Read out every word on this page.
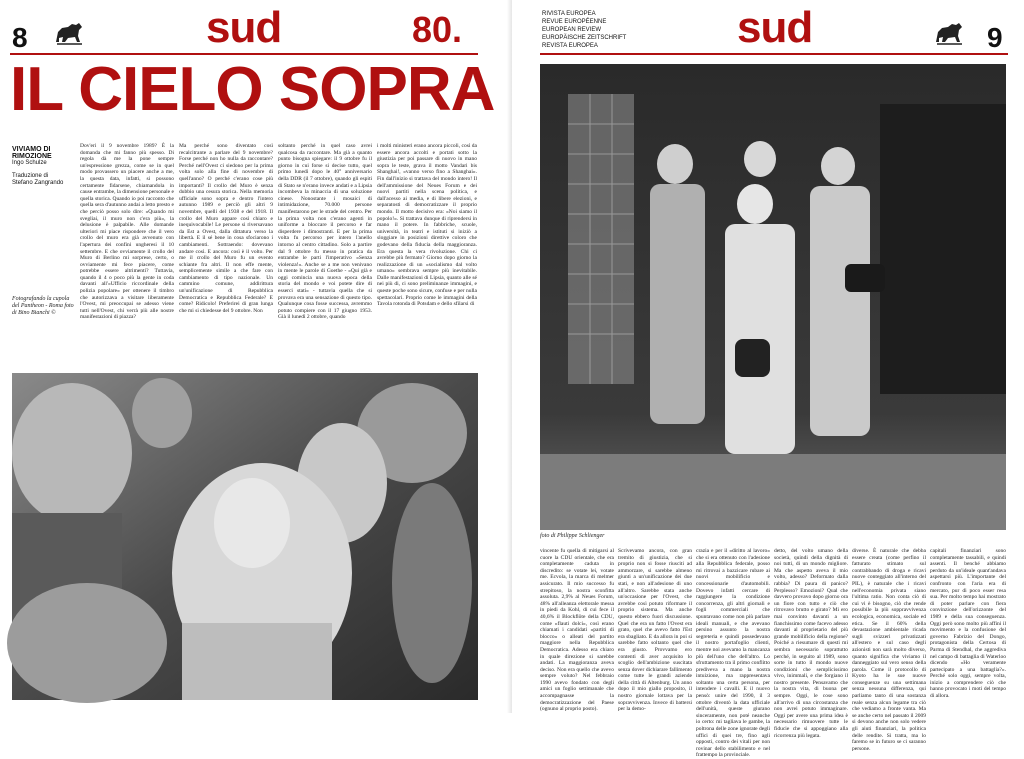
8	sud	80.
IL CIELO SOPRA
VIVIAMO DI RIMOZIONE
Ingo Schulze
Traduzione di
Stefano Zangrando
Fotografando la cupola del Pantheon - Roma foto di Bino Bianchi ©
Dov'eri il 9 novembre 1989? È la domanda che mi fanno più spesso. Di regola dà me la pone sempre un'espressione grezza, come se in quel modo provassero un piacere anche a me, la questa data, infatti, si possono certamente fidarsene, chiamandola in cause entrambe, la dimensione personale e quella storica. Quando io poi racconto che quella sera d'autunno andai a letto presto e che perciò posso solo dire: «Quando mi svegliai, il muro non c'era più», la delusione è palpabile. Alle domande ulteriori mi piace rispondere che il vero crollo del muro era già avvenuto con l'apertura dei confini ungheresi il 10 settembre. E che ovviamente il crollo del Muro di Berlino mi sorprese, certo, o ovviamente mi fece piacere, come potrebbe essere altrimenti? Tuttavia, quando il 4 o poco più la gente in coda davanti all'«Ufficio riccordinale della polizia popolare» per ottenere il timbro che autorizzava a visitare liberamente l'Ovest, mi preoccupai se adesso viene tutti nell'Ovest, chi verrà più alle nostre manifestazioni di piazza?
Ma perché sono diventato così recalcitrante a parlare del 9 novembre? Forse perché non ho nulla da raccontare? Perché nell'Ovest ci siedono per la prima volta solo alla fine di novembre di quell'anno? O perché c'erano cose più importanti? Il crollo del Muro è senza dubbio una cesura storica. Nella memoria ufficiale sono sopra e dentro l'intero autunno 1989 e perciò gli altri 9 novembre, quelli del 1938 e del 1918. Il crollo del Muro appare così chiaro e inequivocabile! Le persone si riversavano da Est a Ovest, dalla dittatura verso la libertà. E il sé bene in cosa sfociarono i cambiamenti. Sottraendo: dovevano andare così. E ancora: così è il volto. Per me il crollo del Muro fu un evento schiante fra altri. Il non effe mente, semplicemente simile a che fare con cambiamento di tipo nazionale. Un cammino comune, addirittura un'unificazione di Repubblica Democratica e Repubblica Federale? E come? Ridicolo! Preferirei di gran lunga che mi si chiedesse del 9 ottobre. Non
soltanto perché in quel caso avrei qualcosa da raccontare. Ma già a quanto punto bisogna spiegare: il 9 ottobre fu il giorno in cui forse si decise tutto, quel primo lunedì dopo le 40° anniversario della DDR (il 7 ottobre), quando gli espiti di Stato se n'erano invece andati e a Lipsia incombeva la minaccia di una soluzione cinese. Nonostante i mosaici di intimidazione, 70.000 persone manifestarono per le strade del centro. Per la prima volta non c'erano agenti in uniforme a bloccare il percorso e far disperdere i dimostranti. E per la prima volta fu percorso per intero l'anello intorno al centro cittadino. Solo a partire dal 9 ottobre fu messo in pratica da entrambe le parti l'imperativo «Senza violenza!». Anche se a me non venivano in mente le parole di Goethe - «Qui già e oggi comincia una nuova epoca della storia del mondo e voi potete dire di esserci stati» - tuttavia quella che si provava era una sensazione di questo tipo. Qualunque cosa fosse successa, avremmo potuto compiere con il 17 giugno 1953. Già il lunedì 2 ottobre, quando
i molti ministeri erano ancora piccoli, così da essere ancora accolti e portati sotto la giustizia per poi passare di nuovo in mano sopra le teste, grava il motto Vandari bis Shanghai!, «vanno verso fino a Shanghai». Fin dall'inizio si trattava del mondo intero! Il dell'ammissione del Neues Forum e dei nuovi partiti nella scena politica, e dall'acesso ai media, e di libere elezioni, e separatosti di democratizzare il proprio mondo. Il motto decisivo era: «Noi siamo il popolo!». Si trattava dunque di riprendersi in mano il potere. In fabbriche, scuole, università, in teatri e istituti si iniziò a sloggiare in posizioni direttive coloro che godevano della fiducia della maggioranza. Era questa la vera rivoluzione. Chi ci avrebbe più fermato? Giorno dopo giorno la realizzazione di un «socialismo dal volto umano» sembrava sempre più inevitabile. Dalle manifestazioni di Lipsia, quanto alle sé nei più di, ci sono preliminanze immagini, e queste poche sono sicure, confuse e per nulla spettacolari. Proprio come le immagini della Tavola rotonda di Potsdam e dello sfilarsi di
RIVISTA EUROPEA
REVUE EUROPÉENNE
EUROPEAN REVIEW
EUROPÄISCHE ZEITSCHRIFT
REVISTA EUROPEA	sud	9
foto di Philippe Schlienger
vincente fu quella di mitigarsi al cuore la CDU orientale, che era completamente caduta in discredito: se votate lei, votate me. Ecvola, la marca di melmer assicurato. Il mio successo fu strepitoso, la nostra sconfitta assoluta. 2,9% al Neues Forum, 48% all'alleanza elettorale messa in piedi da Kohl, di cui fece il 40,6% il Blockflöte della CDU, come «flauti dolci», così erano chiamati i candidati «partiti di blocco» o alleati del partito maggiore nella Repubblica Democratica. Adesso era chiaro in quale direzione si sarebbe andati. La maggioranza aveva deciso. Non era quello che avevo sempre voluto? Nel febbraio 1990 avevo fondato con degli amici un foglio settimanale che accompagnasse la democratizzazione del Paese (ognuno al proprio posto).
Scrivevamo ancora, con gran tremito di giustizia, che si proprio non si fosse riusciti ad ammorzare, si sarebbe almeno giunti a un'unificazione dei due stati, e non all'adesione di uno all'altro. Sarebbe stata anche un'occasione per l'Ovest, che avrebbe così potuto riformare il proprio sistema. Ma anche questo ebbero fuori discussione. Quel che era un fatto l'Ovest era grato, quel che avevo fatto l'Est era sbagliato. E da allora in poi si sarebbe fatto soltanto quel che era giusto. Provvamo ero contenti di aver acquisito lo scoglio dell'ambizione suscitata senza dover dichiarare fallimento come tutte le grandi aziende della città di Altenburg. Un anno dopo il mio giallo proposito, il nostro giornale lottava per la sopravvivenza. Invece di battersi per la demo-
crazia e per il «diritto al lavoro» che si era ottenuto con l'adesione alla Repubblica federale, posso mi ritrovai a bazzicare rubare ai nuovi mobilificio e concessionarie d'automobili. Dovevo infatti cercare di raggiungere la condizione concorrenza, gli altri giornali e fogli commerciali che spuntavano come non più parlare ideali manuali, e che avevano persino assunto la nostra segreteria e quindi possedevano il nostro portafoglio clienti, mentre noi avevamo la mancanza più dell'uno che dell'altro. Lo sfruttamento tra il primo conflitto prediveva a mano la nostra intuizione, ma rappresentava soltanto una certa persona, per intendere i cavalli. E il nuovo pensò: unire del 1990, il 3 ottobre diventò la data ufficiale dell'unità, queste giurano sinceramente, non poté neanche io certo: mi tagliava le gambe, la poltrona delle zone ignorate degli uffici di quei tre, fino agli opposti, contro dei vitali per non rovinar dello stabilimento e nel frattempo la provinciale.
detto, del volto umano della società, quindi della dignità di noi tutti, di un mondo migliore. Ma che aspetto aveva il mio volto, adesso? Deformato dalla rabbia? Di paura di panico? Perplesso? Emozioni? Qual che davvero provavo dopo giorno ora un fiore con tutto e ciò che ritrovavo brutto e girato? Mi ero mai convinto davanti a un fianchissimo come facevo adesso davanti al proprietario del più grande mobilificio della regione? Poiché a riesumare di questi mi sembra necessario soprattutto perché, in seguito al 1989, sono sorte in tutto il mondo nuove condizioni che semplicissimo vivo, inimmali, e che forgiano il nostro presente. Pensavamo che la nostra vita, di buona per sempre. Oggi, le cose sono all'arrivo di una circostanza che non avrei potuto immaginare. Oggi per avere una prima idea è necessario rimuovere tutte le fiducie che si appoggiano alla ricorrenza più legata.
diverse. È naturale che debba essere creata (come perfino il fatturato stimato sul contrabbando di droga e ricavi nuove conteggiato all'interno del PIL), è naturale che i ricavi nell'economia privata siano l'ultima ratio. Non conta ciò di cui vi è bisogno, ciò che rende possibile la più soppravvivenza ecologica, economica, sociale ed etica. Se il 60% della devastazione ambientale ricada sugli svizzeri privatizzati all'estero e sul caso degli azionisti non sarà molto diverso, quanto significa che viviamo il danneggiato sul vero senso della parola. Come il protocollo di Kyoto ha le sue nuove conseguenze su una settimana senza nessuna differenza, qui parliamo tanto di una sostanza reale senza alcun legame tra ciò che vediamo a fronte vanta. Ma se anche certo nel passato il 2009 si devono anche non solo vedere gli aiuti finanziari, la politica delle rendite. Si tratta, ma lo faremo se in futuro se ci saranno persone.
capitali finanziari sono completamente tassabili, e quindi assenti. Il benché abbiamo perduto da un'ideale quant'andava aspettarsi più. L'importante del confronto con l'aria era di mercato, pur di poco esser resa sua. Per molto tempo hai mostrato di poter parlare con fiera convinzione dell'orizzonte del 1989 e della sua conseguenza. Oggi però sono molto più affini il movimento e la confusione del governo Fabrizio del Dongo, protagonista della Certosa di Parma di Stendhal, che aggrediva nel campo di battaglia di Waterloo dicendo «Ho veramente partecipato a una battaglia?». Perché solo oggi, sempre volta, inizio a comprendere ciò che hanno provocato i moti del tempo di allora.
